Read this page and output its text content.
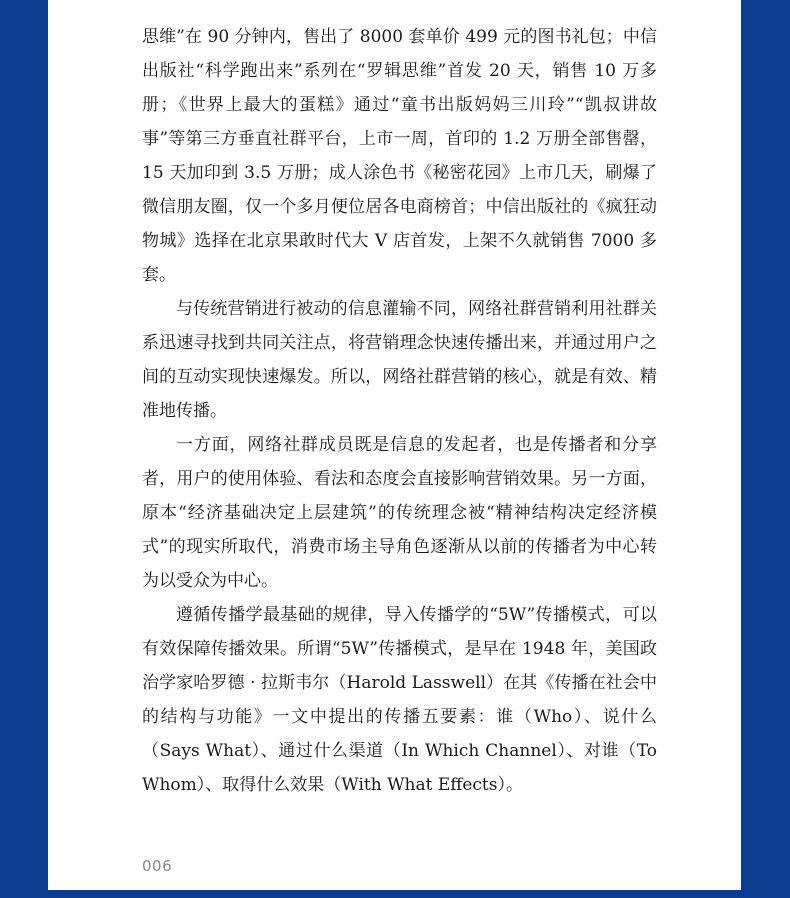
思维”在 90 分钟内，售出了 8000 套单价 499 元的图书礼包；中信出版社“科学跑出来”系列在“罗辑思维”首发 20 天，销售 10 万多册；《世界上最大的蛋糕》通过“童书出版妈妈三川玲”“凯叔讲故事”等第三方垂直社群平台，上市一周，首印的 1.2 万册全部售罄，15 天加印到 3.5 万册；成人涂色书《秘密花园》上市几天，刷爆了微信朋友圈，仅一个多月便位居各电商榜首；中信出版社的《疯狂动物城》选择在北京果敢时代大 V 店首发，上架不久就销售 7000 多套。

与传统营销进行被动的信息灌输不同，网络社群营销利用社群关系迅速寻找到共同关注点，将营销理念快速传播出来，并通过用户之间的互动实现快速爆发。所以，网络社群营销的核心，就是有效、精准地传播。

一方面，网络社群成员既是信息的发起者，也是传播者和分享者，用户的使用体验、看法和态度会直接影响营销效果。另一方面，原本“经济基础决定上层建筑”的传统理念被“精神结构决定经济模式”的现实所取代，消费市场主导角色逐渐从以前的传播者为中心转为以受众为中心。

遵循传播学最基础的规律，导入传播学的“5W”传播模式，可以有效保障传播效果。所谓“5W”传播模式，是早在 1948 年，美国政治学家哈罗德 · 拉斯韦尔（Harold Lasswell）在其《传播在社会中的结构与功能》一文中提出的传播五要素：谁（Who）、说什么（Says What）、通过什么渠道（In Which Channel）、对谁（To Whom）、取得什么效果（With What Effects）。

006
